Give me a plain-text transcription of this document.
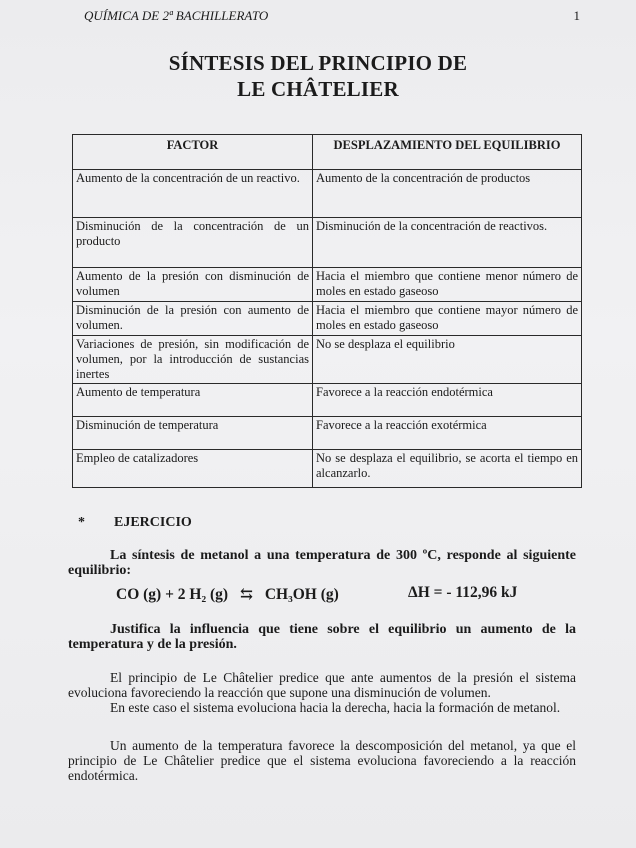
QUÍMICA DE 2ª BACHILLERATO	1
SÍNTESIS DEL PRINCIPIO DE
LE CHÂTELIER
FACTOR	DESPLAZAMIENTO DEL EQUILIBRIO
Aumento de la concentración de un reactivo.	Aumento de la concentración de productos
Disminución de la concentración de un producto	Disminución de la concentración de reactivos.
Aumento de la presión con disminución de volumen	Hacia el miembro que contiene menor número de moles en estado gaseoso
Disminución de la presión con aumento de volumen.	Hacia el miembro que contiene mayor número de moles en estado gaseoso
Variaciones de presión, sin modificación de volumen, por la introducción de sustancias inertes	No se desplaza el equilibrio
Aumento de temperatura	Favorece a la reacción endotérmica
Disminución de temperatura	Favorece a la reacción exotérmica
Empleo de catalizadores	No se desplaza el equilibrio, se acorta el tiempo en alcanzarlo.
* EJERCICIO
La síntesis de metanol a una temperatura de 300 ºC, responde al siguiente equilibrio:
CO (g) + 2 H₂ (g) ⇆ CH₃OH (g)	ΔH = - 112,96 kJ
Justifica la influencia que tiene sobre el equilibrio un aumento de la temperatura y de la presión.
El principio de Le Châtelier predice que ante aumentos de la presión el sistema evoluciona favoreciendo la reacción que supone una disminución de volumen.
En este caso el sistema evoluciona hacia la derecha, hacia la formación de metanol.
Un aumento de la temperatura favorece la descomposición del metanol, ya que el principio de Le Châtelier predice que el sistema evoluciona favoreciendo a la reacción endotérmica.
